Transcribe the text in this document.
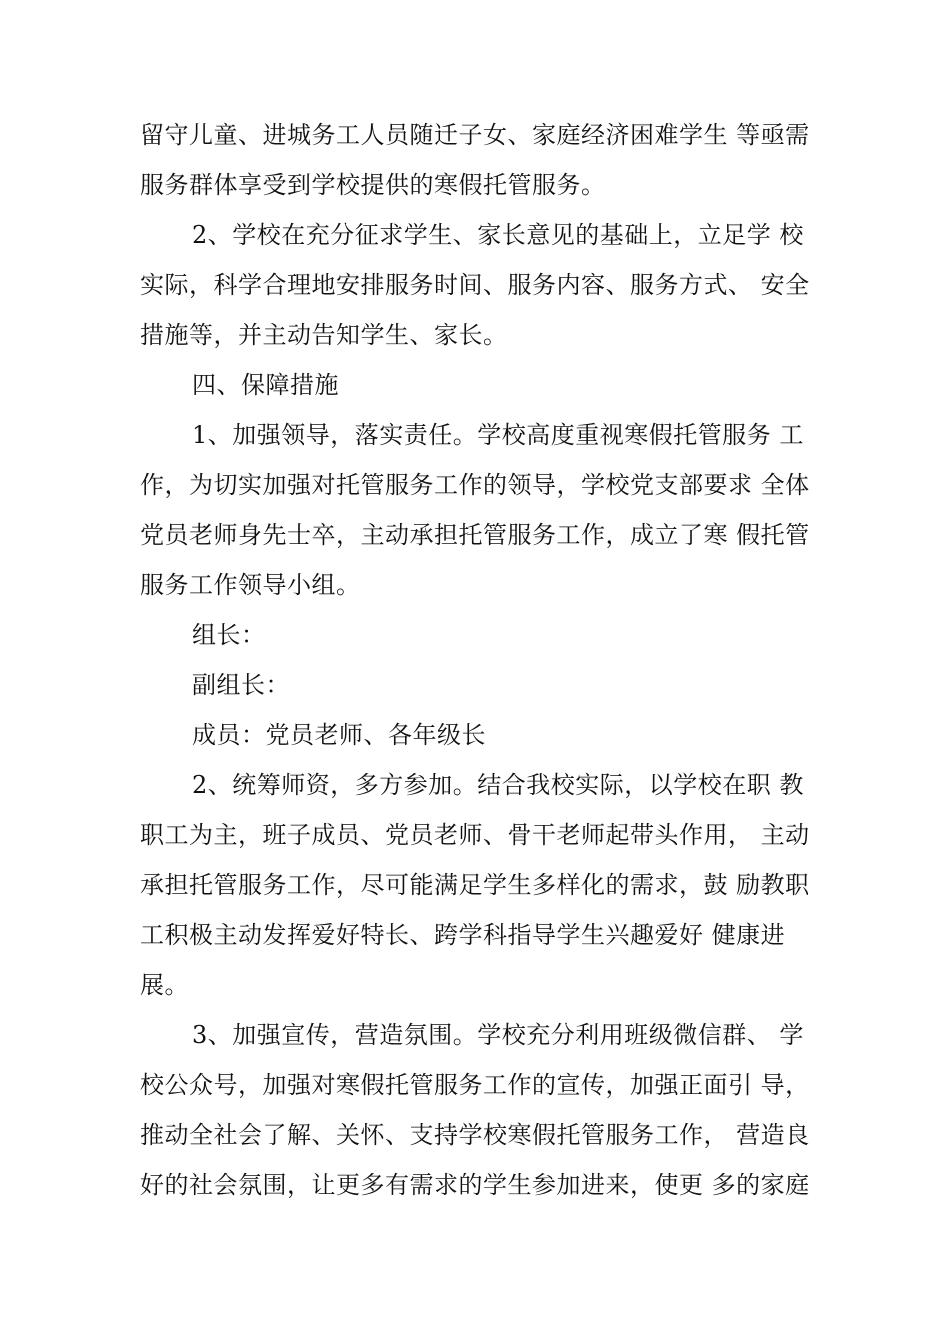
留守儿童、进城务工人员随迁子女、家庭经济困难学生 等亟需
服务群体享受到学校提供的寒假托管服务。
2、学校在充分征求学生、家长意见的基础上，立足学 校
实际，科学合理地安排服务时间、服务内容、服务方式、 安全
措施等，并主动告知学生、家长。
四、保障措施
1、加强领导，落实责任。学校高度重视寒假托管服务 工
作，为切实加强对托管服务工作的领导，学校党支部要求 全体
党员老师身先士卒，主动承担托管服务工作，成立了寒 假托管
服务工作领导小组。
组长：
副组长：
成员：党员老师、各年级长
2、统筹师资，多方参加。结合我校实际，以学校在职 教
职工为主，班子成员、党员老师、骨干老师起带头作用， 主动
承担托管服务工作，尽可能满足学生多样化的需求，鼓 励教职
工积极主动发挥爱好特长、跨学科指导学生兴趣爱好 健康进
展。
3、加强宣传，营造氛围。学校充分利用班级微信群、 学
校公众号，加强对寒假托管服务工作的宣传，加强正面引 导，
推动全社会了解、关怀、支持学校寒假托管服务工作， 营造良
好的社会氛围，让更多有需求的学生参加进来，使更 多的家庭
